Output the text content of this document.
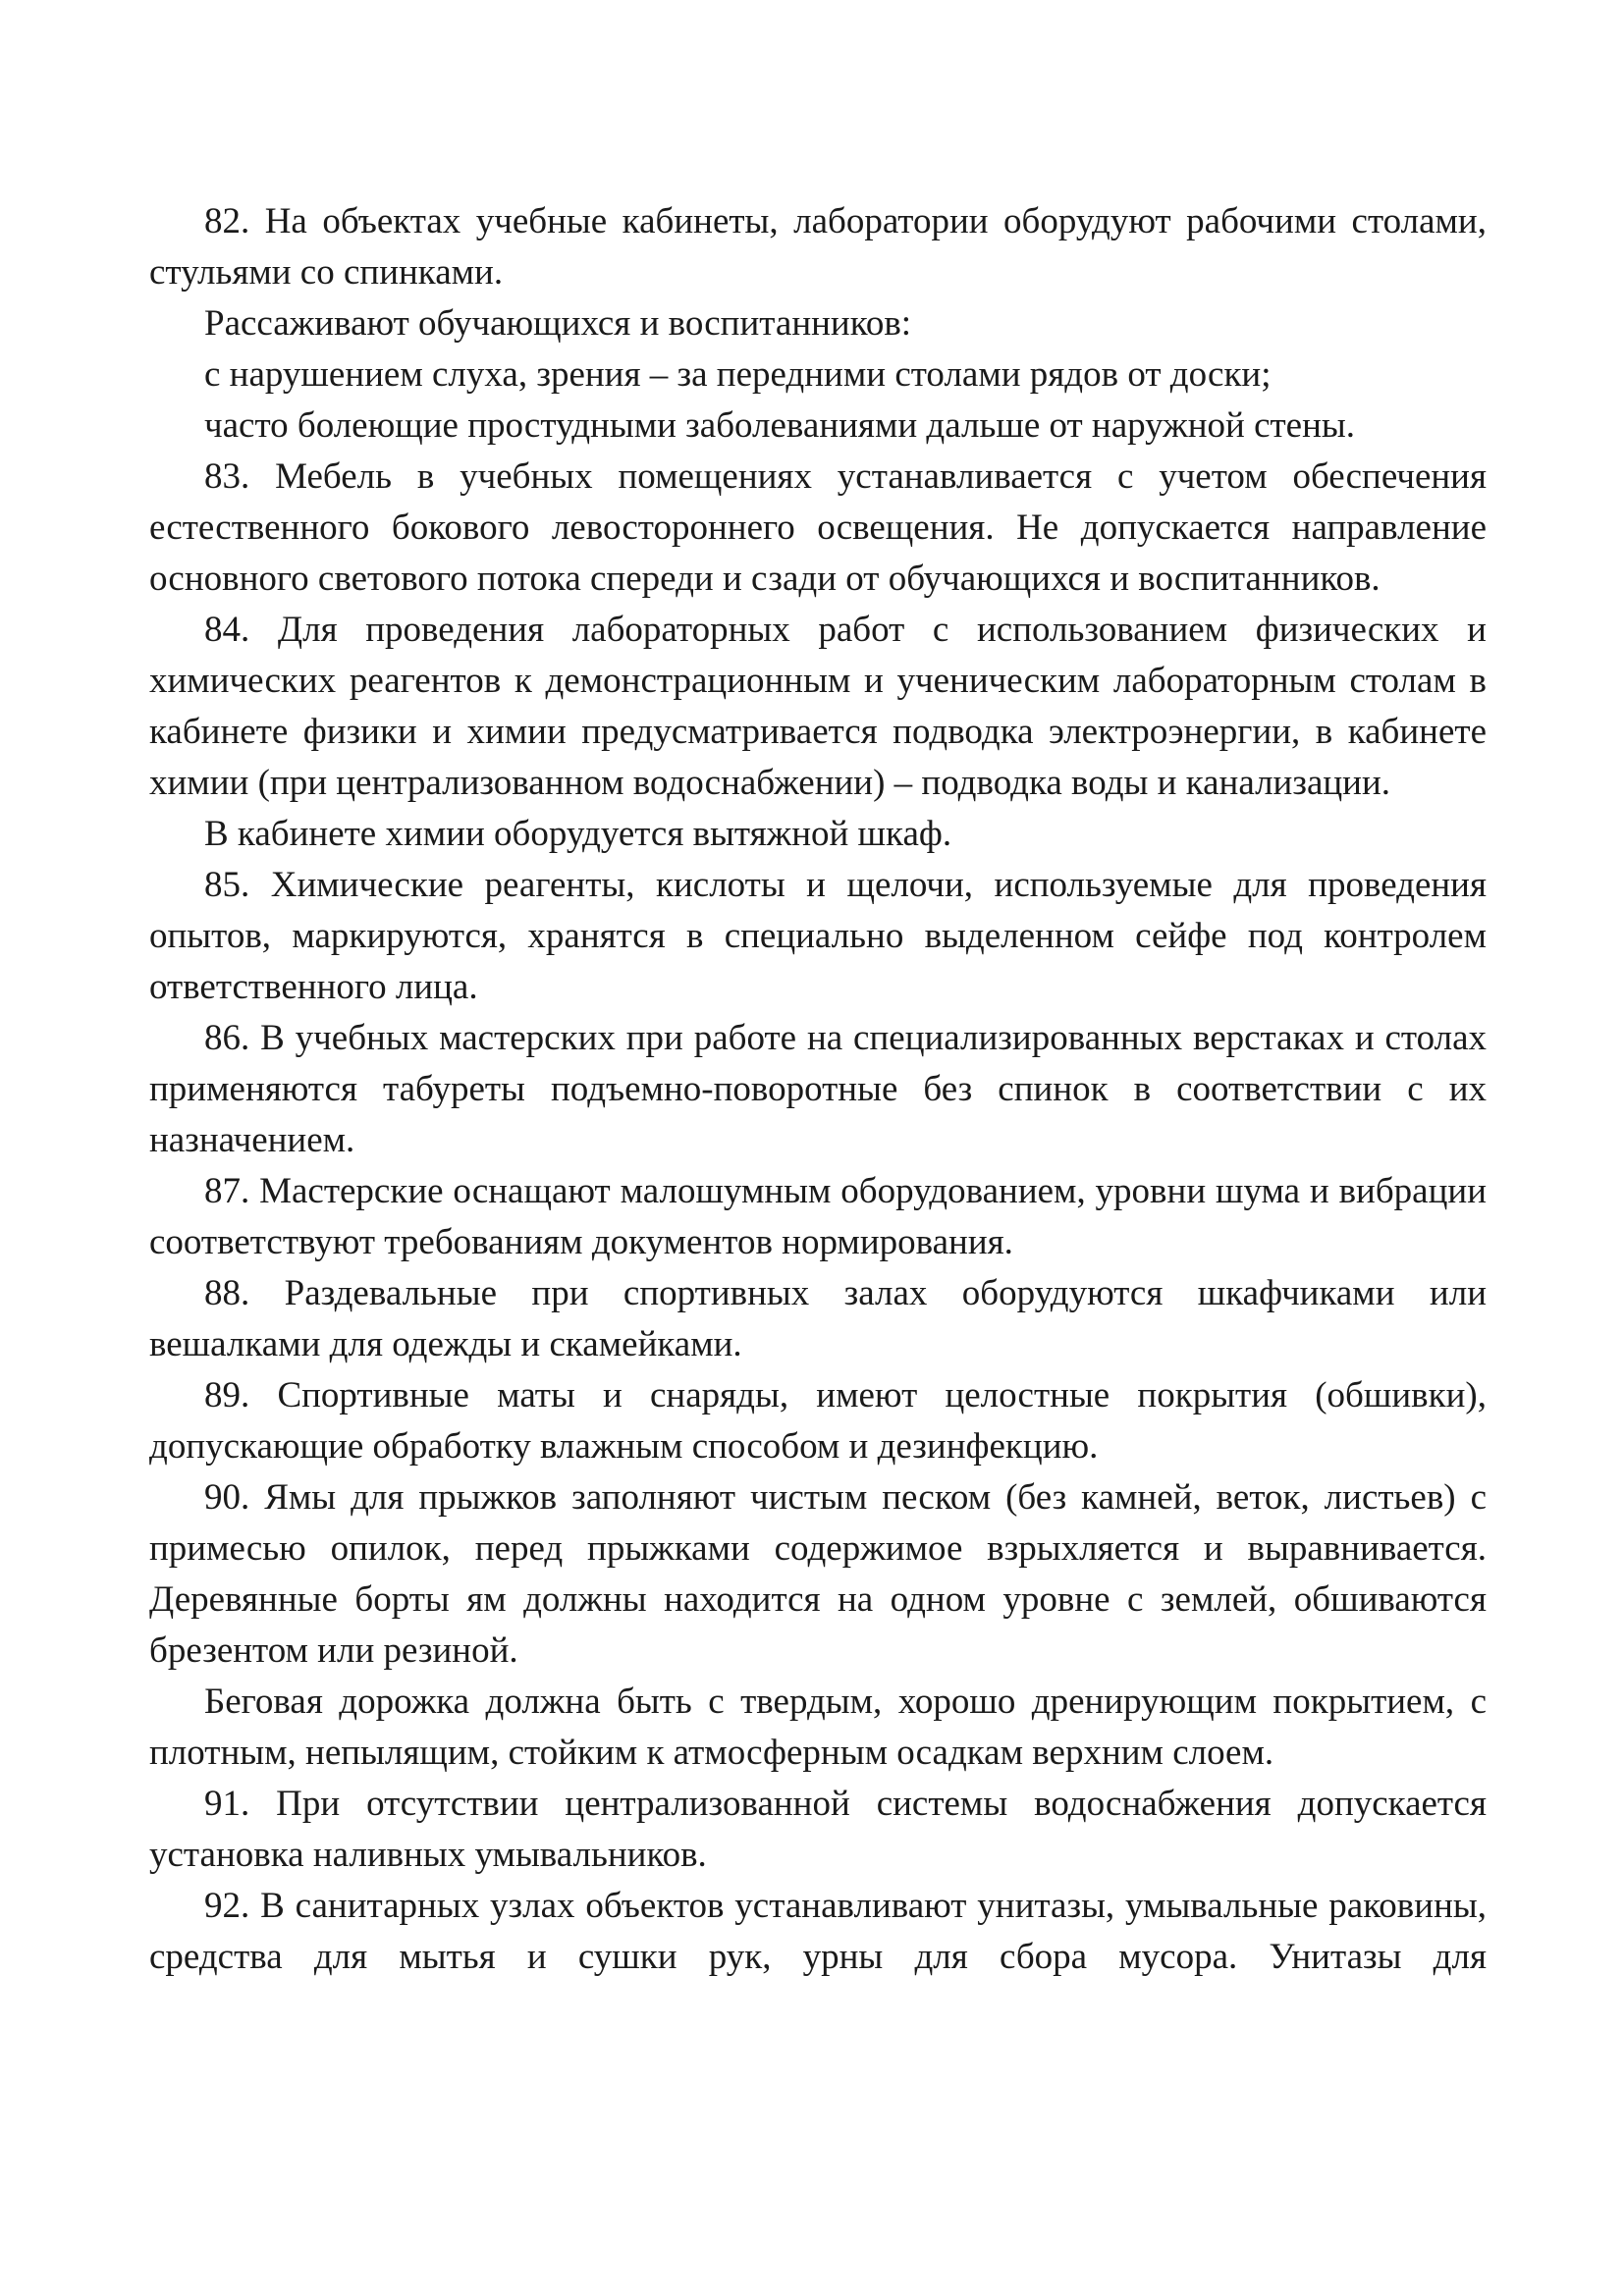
82. На объектах учебные кабинеты, лаборатории оборудуют рабочими столами, стульями со спинками.

Рассаживают обучающихся и воспитанников:

с нарушением слуха, зрения – за передними столами рядов от доски;

часто болеющие простудными заболеваниями дальше от наружной стены.

83. Мебель в учебных помещениях устанавливается с учетом обеспечения естественного бокового левостороннего освещения. Не допускается направление основного светового потока спереди и сзади от обучающихся и воспитанников.

84. Для проведения лабораторных работ с использованием физических и химических реагентов к демонстрационным и ученическим лабораторным столам в кабинете физики и химии предусматривается подводка электроэнергии, в кабинете химии (при централизованном водоснабжении) – подводка воды и канализации.

В кабинете химии оборудуется вытяжной шкаф.

85. Химические реагенты, кислоты и щелочи, используемые для проведения опытов, маркируются, хранятся в специально выделенном сейфе под контролем ответственного лица.

86. В учебных мастерских при работе на специализированных верстаках и столах применяются табуреты подъемно-поворотные без спинок в соответствии с их назначением.

87. Мастерские оснащают малошумным оборудованием, уровни шума и вибрации соответствуют требованиям документов нормирования.

88. Раздевальные при спортивных залах оборудуются шкафчиками или вешалками для одежды и скамейками.

89. Спортивные маты и снаряды, имеют целостные покрытия (обшивки), допускающие обработку влажным способом и дезинфекцию.

90. Ямы для прыжков заполняют чистым песком (без камней, веток, листьев) с примесью опилок, перед прыжками содержимое взрыхляется и выравнивается. Деревянные борты ям должны находится на одном уровне с землей, обшиваются брезентом или резиной.

Беговая дорожка должна быть с твердым, хорошо дренирующим покрытием, с плотным, непылящим, стойким к атмосферным осадкам верхним слоем.

91. При отсутствии централизованной системы водоснабжения допускается установка наливных умывальников.

92. В санитарных узлах объектов устанавливают унитазы, умывальные раковины, средства для мытья и сушки рук, урны для сбора мусора. Унитазы для
